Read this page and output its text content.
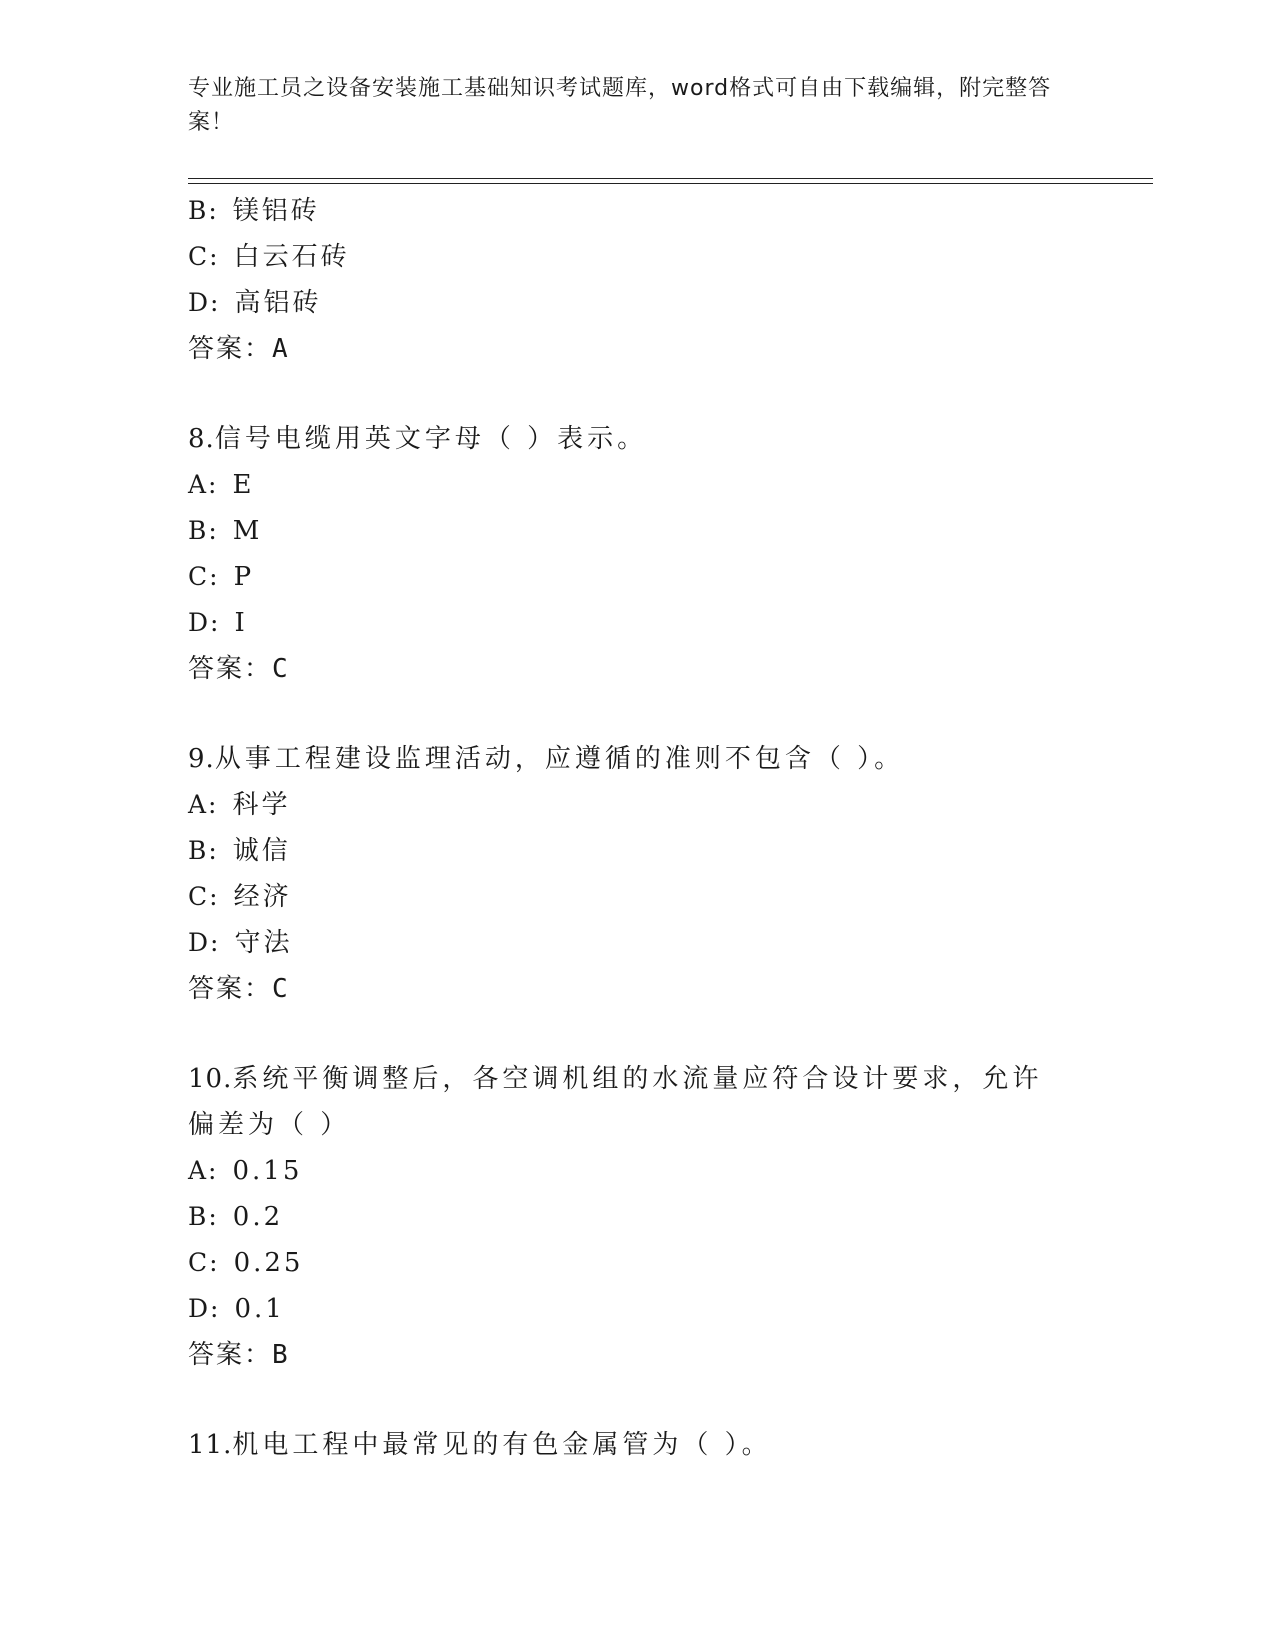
专业施工员之设备安装施工基础知识考试题库，word格式可自由下载编辑，附完整答案！
B: 镁铝砖
C: 白云石砖
D: 高铝砖
答案：A
8.信号电缆用英文字母（ ）表示。
A: E
B: M
C: P
D: I
答案：C
9.从事工程建设监理活动，应遵循的准则不包含（ ）。
A: 科学
B: 诚信
C: 经济
D: 守法
答案：C
10.系统平衡调整后，各空调机组的水流量应符合设计要求，允许偏差为（ ）
A: 0.15
B: 0.2
C: 0.25
D: 0.1
答案：B
11.机电工程中最常见的有色金属管为（ ）。
